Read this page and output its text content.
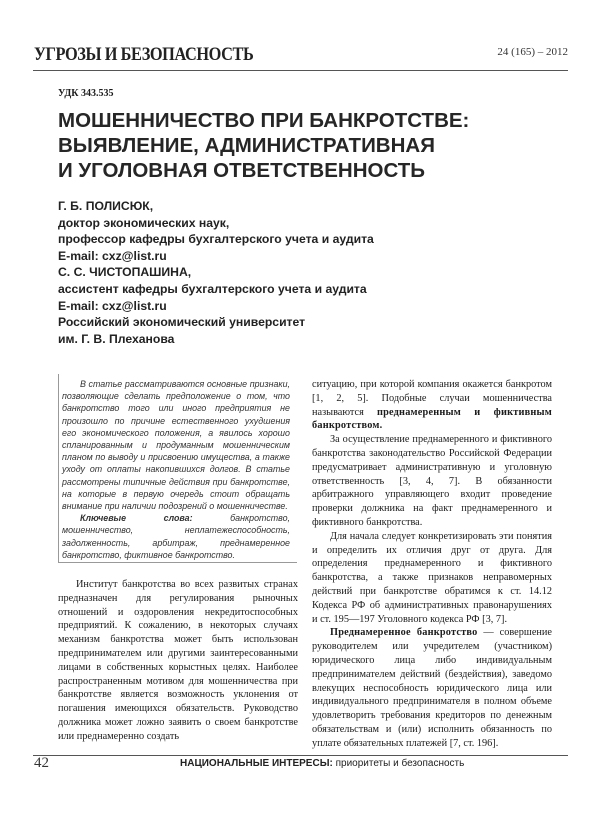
УГРОЗЫ И БЕЗОПАСНОСТЬ	24 (165) – 2012
УДК 343.535
МОШЕННИЧЕСТВО ПРИ БАНКРОТСТВЕ:
ВЫЯВЛЕНИЕ, АДМИНИСТРАТИВНАЯ
И УГОЛОВНАЯ ОТВЕТСТВЕННОСТЬ
Г. Б. ПОЛИСЮК,
доктор экономических наук,
профессор кафедры бухгалтерского учета и аудита
E-mail: cxz@list.ru
С. С. ЧИСТОПАШИНА,
ассистент кафедры бухгалтерского учета и аудита
E-mail: cxz@list.ru
Российский экономический университет
им. Г. В. Плеханова

В статье рассматриваются основные признаки, позволяющие сделать предположение о том, что банкротство того или иного предприятия не произошло по причине естественного ухудшения его экономического положения, а явилось хорошо спланированным и продуманным мошенническим планом по выводу и присвоению имущества, а также уходу от оплаты накопившихся долгов. В статье рассмотрены типичные действия при банкротстве, на которые в первую очередь стоит обращать внимание при наличии подозрений о мошенничестве.

Ключевые слова:	банкротство, мошенничество, неплатежеспособность, задолженность, арбитраж, преднамеренное банкротство, фиктивное банкротство.

Институт банкротства во всех развитых странах предназначен для регулирования рыночных отношений и оздоровления некредитоспособных предприятий. К сожалению, в некоторых случаях механизм банкротства может быть использован предпринимателем или другими заинтересованными лицами в собственных корыстных целях. Наиболее распространенным мотивом для мошенничества при банкротстве является возможность уклонения от погашения имеющихся обязательств. Руководство должника может ложно заявить о своем банкротстве или преднамеренно создать

ситуацию, при которой компания окажется банкротом [1, 2, 5]. Подобные случаи мошенничества называются преднамеренным и фиктивным банкротством.

За осуществление преднамеренного и фиктивного банкротства законодательство Российской Федерации предусматривает административную и уголовную ответственность [3, 4, 7]. В обязанности арбитражного управляющего входит проведение проверки должника на факт преднамеренного и фиктивного банкротства.

Для начала следует конкретизировать эти понятия и определить их отличия друг от друга. Для определения преднамеренного и фиктивного банкротства, а также признаков неправомерных действий при банкротстве обратимся к ст. 14.12 Кодекса РФ об административных правонарушениях и ст. 195—197 Уголовного кодекса РФ [3, 7].

Преднамеренное банкротство — совершение руководителем или учредителем (участником) юридического лица либо индивидуальным предпринимателем действий (бездействия), заведомо влекущих неспособность юридического лица или индивидуального предпринимателя в полном объеме удовлетворить требования кредиторов по денежным обязательствам и (или) исполнить обязанность по уплате обязательных платежей [7, ст. 196].

42	НАЦИОНАЛЬНЫЕ ИНТЕРЕСЫ: приоритеты и безопасность
